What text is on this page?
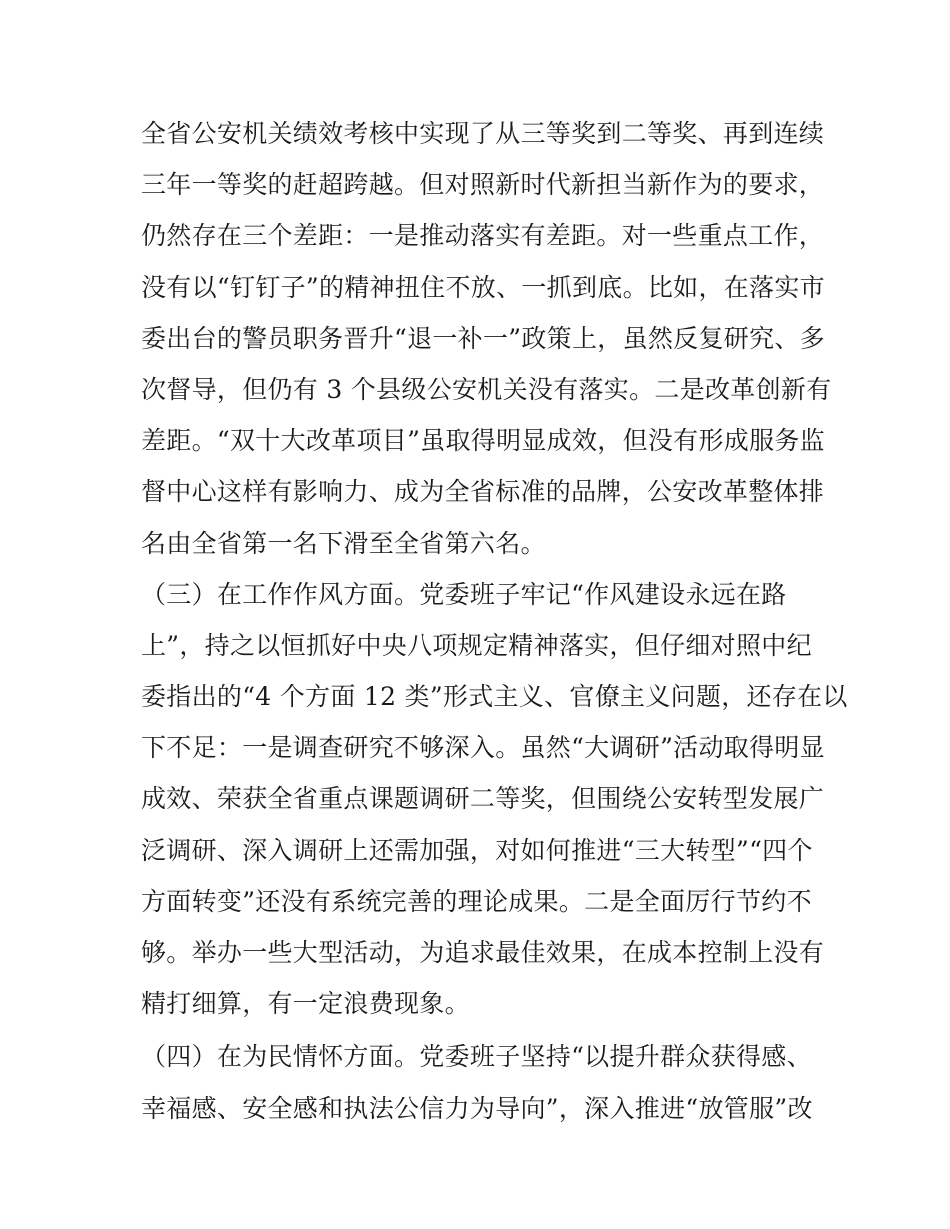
全省公安机关绩效考核中实现了从三等奖到二等奖、再到连续
三年一等奖的赶超跨越。但对照新时代新担当新作为的要求，
仍然存在三个差距：一是推动落实有差距。对一些重点工作，
没有以“钉钉子”的精神扭住不放、一抓到底。比如，在落实市
委出台的警员职务晋升“退一补一”政策上，虽然反复研究、多
次督导，但仍有 3 个县级公安机关没有落实。二是改革创新有
差距。“双十大改革项目”虽取得明显成效，但没有形成服务监
督中心这样有影响力、成为全省标准的品牌，公安改革整体排
名由全省第一名下滑至全省第六名。
（三）在工作作风方面。党委班子牢记“作风建设永远在路
上”，持之以恒抓好中央八项规定精神落实，但仔细对照中纪
委指出的“4 个方面 12 类”形式主义、官僚主义问题，还存在以
下不足：一是调查研究不够深入。虽然“大调研”活动取得明显
成效、荣获全省重点课题调研二等奖，但围绕公安转型发展广
泛调研、深入调研上还需加强，对如何推进“三大转型”“四个
方面转变”还没有系统完善的理论成果。二是全面厉行节约不
够。举办一些大型活动，为追求最佳效果，在成本控制上没有
精打细算，有一定浪费现象。
（四）在为民情怀方面。党委班子坚持“以提升群众获得感、
幸福感、安全感和执法公信力为导向”，深入推进“放管服”改
